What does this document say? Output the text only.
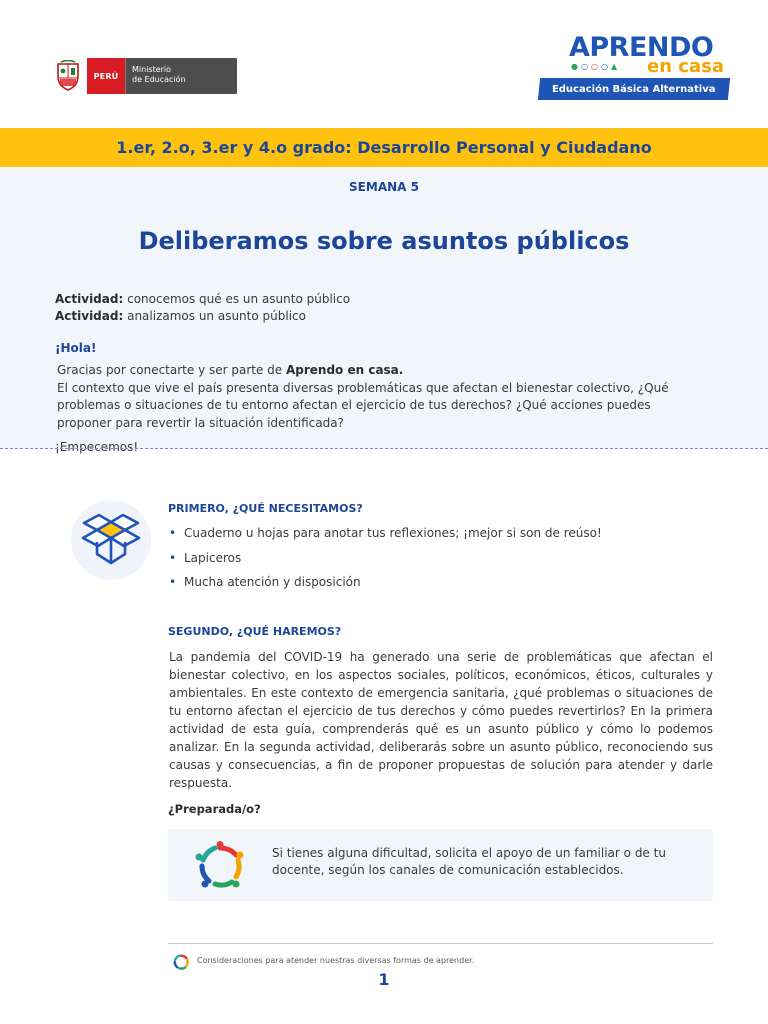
PERÚ
Ministerio
de Educación
APRENDO
●○○○▲ en casa
Educación Básica Alternativa
1.er, 2.o, 3.er y 4.o grado: Desarrollo Personal y Ciudadano
SEMANA 5
Deliberamos sobre asuntos públicos
Actividad: conocemos qué es un asunto público
Actividad: analizamos un asunto público
¡Hola!
Gracias por conectarte y ser parte de Aprendo en casa.
El contexto que vive el país presenta diversas problemáticas que afectan el bienestar colectivo, ¿Qué problemas o situaciones de tu entorno afectan el ejercicio de tus derechos? ¿Qué acciones puedes proponer para revertir la situación identificada?
¡Empecemos!
PRIMERO, ¿QUÉ NECESITAMOS?
• Cuaderno u hojas para anotar tus reflexiones; ¡mejor si son de reúso!
• Lapiceros
• Mucha atención y disposición
SEGUNDO, ¿QUÉ HAREMOS?

La pandemia del COVID-19 ha generado una serie de problemáticas que afectan el bienestar colectivo, en los aspectos sociales, políticos, económicos, éticos, culturales y ambientales. En este contexto de emergencia sanitaria, ¿qué problemas o situaciones de tu entorno afectan el ejercicio de tus derechos y cómo puedes revertirlos? En la primera actividad de esta guía, comprenderás qué es un asunto público y cómo lo podemos analizar. En la segunda actividad, deliberarás sobre un asunto público, reconociendo sus causas y consecuencias, a fin de proponer propuestas de solución para atender y darle respuesta.

¿Preparada/o?
Si tienes alguna dificultad, solicita el apoyo de un familiar o de tu docente, según los canales de comunicación establecidos.
Consideraciones para atender nuestras diversas formas de aprender.
1
